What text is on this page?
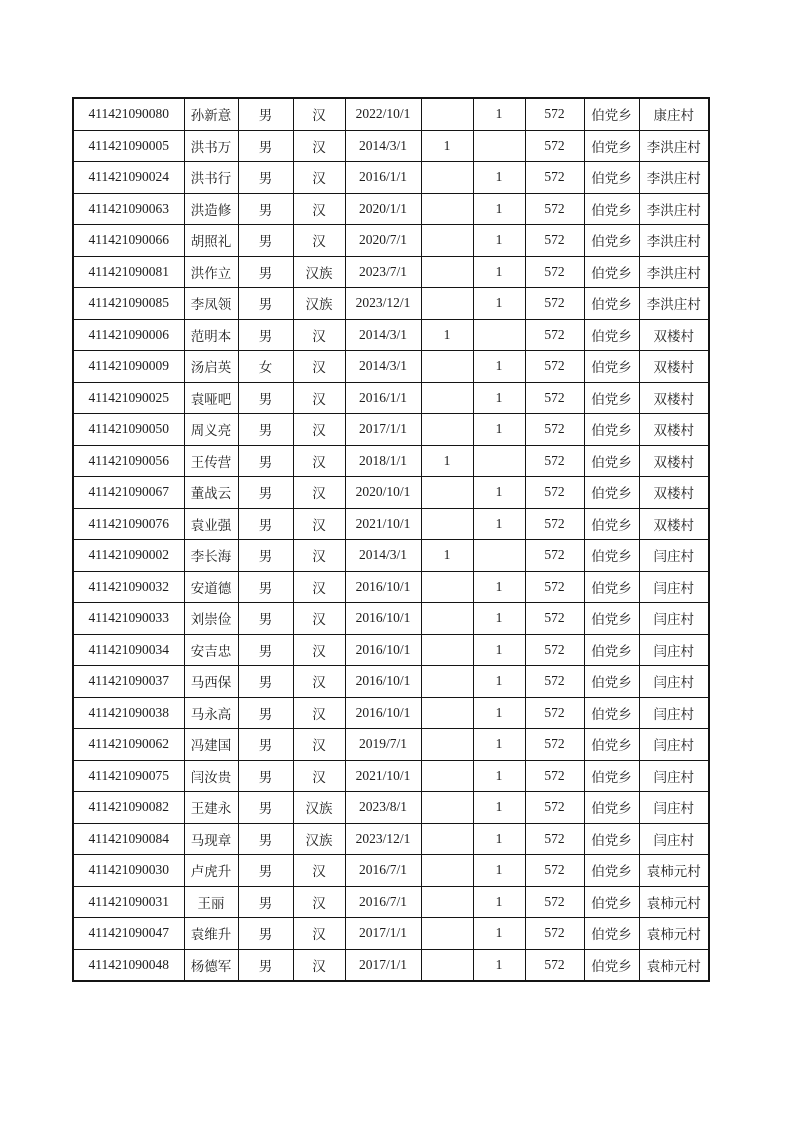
411421090080	孙新意	男	汉	2022/10/1		1	572	伯党乡	康庄村
411421090005	洪书万	男	汉	2014/3/1	1		572	伯党乡	李洪庄村
411421090024	洪书行	男	汉	2016/1/1		1	572	伯党乡	李洪庄村
411421090063	洪造修	男	汉	2020/1/1		1	572	伯党乡	李洪庄村
411421090066	胡照礼	男	汉	2020/7/1		1	572	伯党乡	李洪庄村
411421090081	洪作立	男	汉族	2023/7/1		1	572	伯党乡	李洪庄村
411421090085	李凤领	男	汉族	2023/12/1		1	572	伯党乡	李洪庄村
411421090006	范明本	男	汉	2014/3/1	1		572	伯党乡	双楼村
411421090009	汤启英	女	汉	2014/3/1		1	572	伯党乡	双楼村
411421090025	袁哑吧	男	汉	2016/1/1		1	572	伯党乡	双楼村
411421090050	周义亮	男	汉	2017/1/1		1	572	伯党乡	双楼村
411421090056	王传营	男	汉	2018/1/1	1		572	伯党乡	双楼村
411421090067	董战云	男	汉	2020/10/1		1	572	伯党乡	双楼村
411421090076	袁业强	男	汉	2021/10/1		1	572	伯党乡	双楼村
411421090002	李长海	男	汉	2014/3/1	1		572	伯党乡	闫庄村
411421090032	安道德	男	汉	2016/10/1		1	572	伯党乡	闫庄村
411421090033	刘崇俭	男	汉	2016/10/1		1	572	伯党乡	闫庄村
411421090034	安吉忠	男	汉	2016/10/1		1	572	伯党乡	闫庄村
411421090037	马西保	男	汉	2016/10/1		1	572	伯党乡	闫庄村
411421090038	马永高	男	汉	2016/10/1		1	572	伯党乡	闫庄村
411421090062	冯建国	男	汉	2019/7/1		1	572	伯党乡	闫庄村
411421090075	闫汝贵	男	汉	2021/10/1		1	572	伯党乡	闫庄村
411421090082	王建永	男	汉族	2023/8/1		1	572	伯党乡	闫庄村
411421090084	马现章	男	汉族	2023/12/1		1	572	伯党乡	闫庄村
411421090030	卢虎升	男	汉	2016/7/1		1	572	伯党乡	袁柿元村
411421090031	王丽	男	汉	2016/7/1		1	572	伯党乡	袁柿元村
411421090047	袁维升	男	汉	2017/1/1		1	572	伯党乡	袁柿元村
411421090048	杨德军	男	汉	2017/1/1		1	572	伯党乡	袁柿元村
